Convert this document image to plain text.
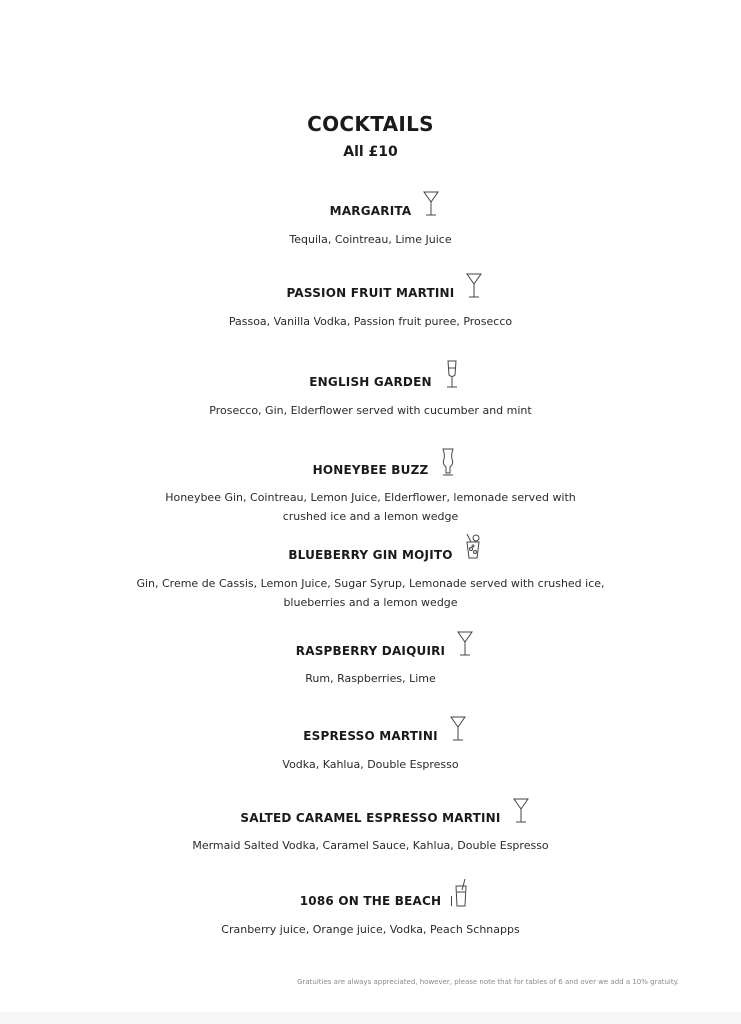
COCKTAILS
All £10
MARGARITA
Tequila, Cointreau, Lime Juice
PASSION FRUIT MARTINI
Passoa, Vanilla Vodka, Passion fruit puree, Prosecco
ENGLISH GARDEN
Prosecco, Gin, Elderflower served with cucumber and mint
HONEYBEE BUZZ
Honeybee Gin, Cointreau, Lemon Juice, Elderflower, lemonade served with
crushed ice and a lemon wedge
BLUEBERRY GIN MOJITO
Gin, Creme de Cassis, Lemon Juice, Sugar Syrup, Lemonade served with crushed ice,
blueberries and a lemon wedge
RASPBERRY DAIQUIRI
Rum, Raspberries, Lime
ESPRESSO MARTINI
Vodka, Kahlua, Double Espresso
SALTED CARAMEL ESPRESSO MARTINI
Mermaid Salted Vodka, Caramel Sauce, Kahlua, Double Espresso
1086 ON THE BEACH
Cranberry juice, Orange juice, Vodka, Peach Schnapps
Gratuities are always appreciated, however, please note that for tables of 6 and over we add a 10% gratuity.
